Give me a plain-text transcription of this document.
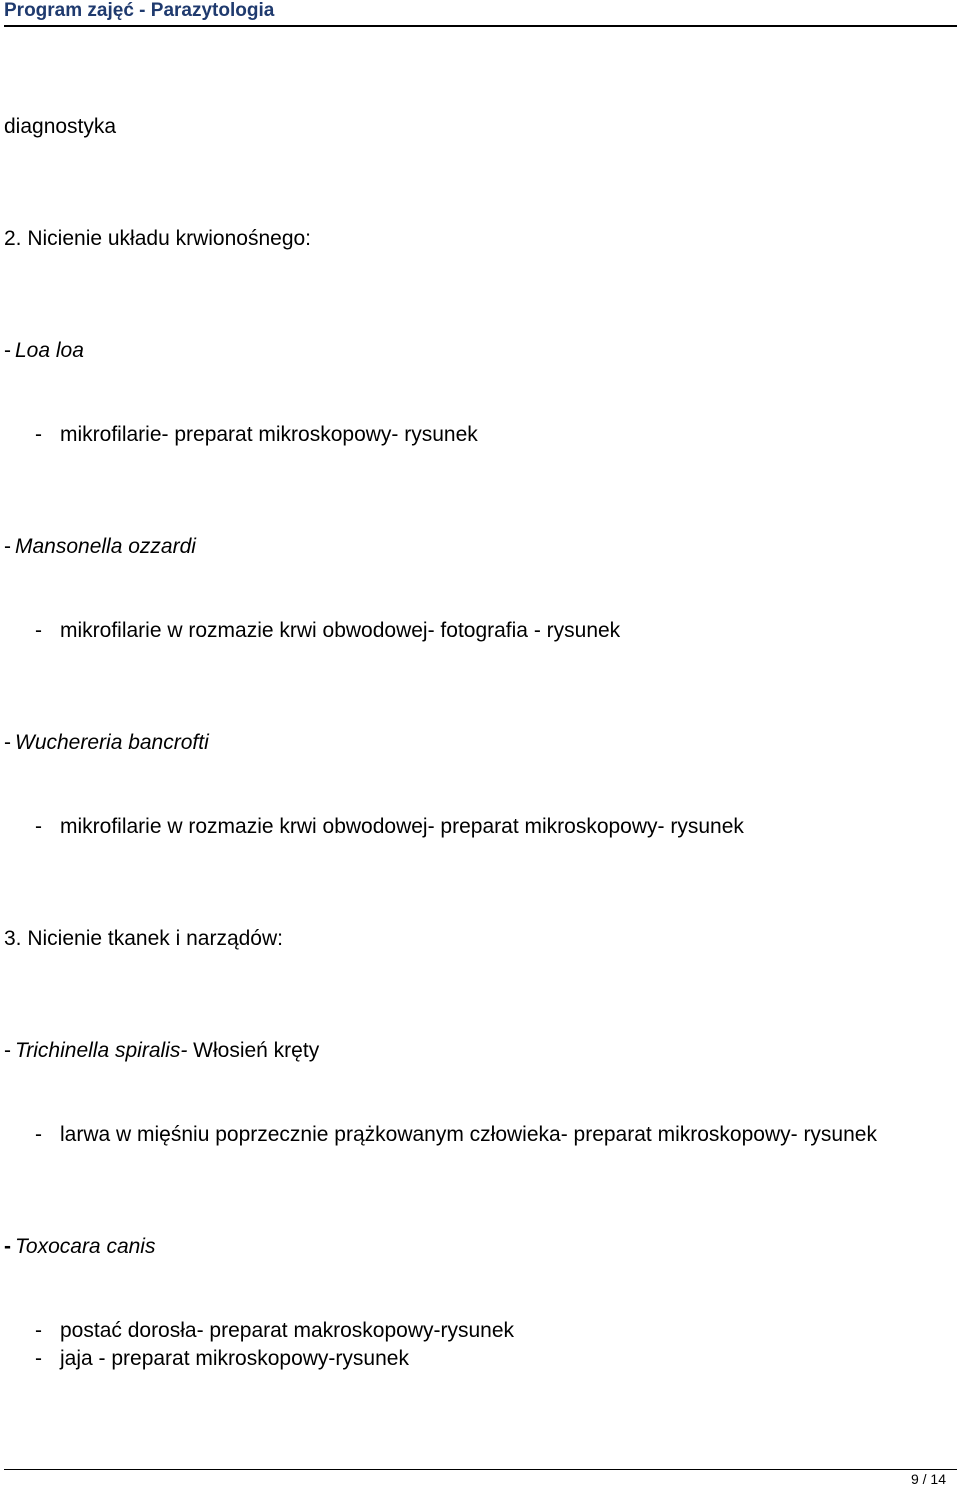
Program zajęć - Parazytologia
diagnostyka
2. Nicienie układu krwionośnego:
- Loa loa
- mikrofilarie- preparat mikroskopowy- rysunek
- Mansonella ozzardi
- mikrofilarie w rozmazie krwi obwodowej- fotografia - rysunek
- Wuchereria bancrofti
- mikrofilarie w rozmazie krwi obwodowej- preparat mikroskopowy- rysunek
3. Nicienie tkanek i narządów:
- Trichinella spiralis- Włosień kręty
- larwa w mięśniu poprzecznie prążkowanym człowieka- preparat mikroskopowy- rysunek
- Toxocara canis
- postać dorosła- preparat makroskopowy-rysunek
- jaja - preparat mikroskopowy-rysunek
9 / 14
